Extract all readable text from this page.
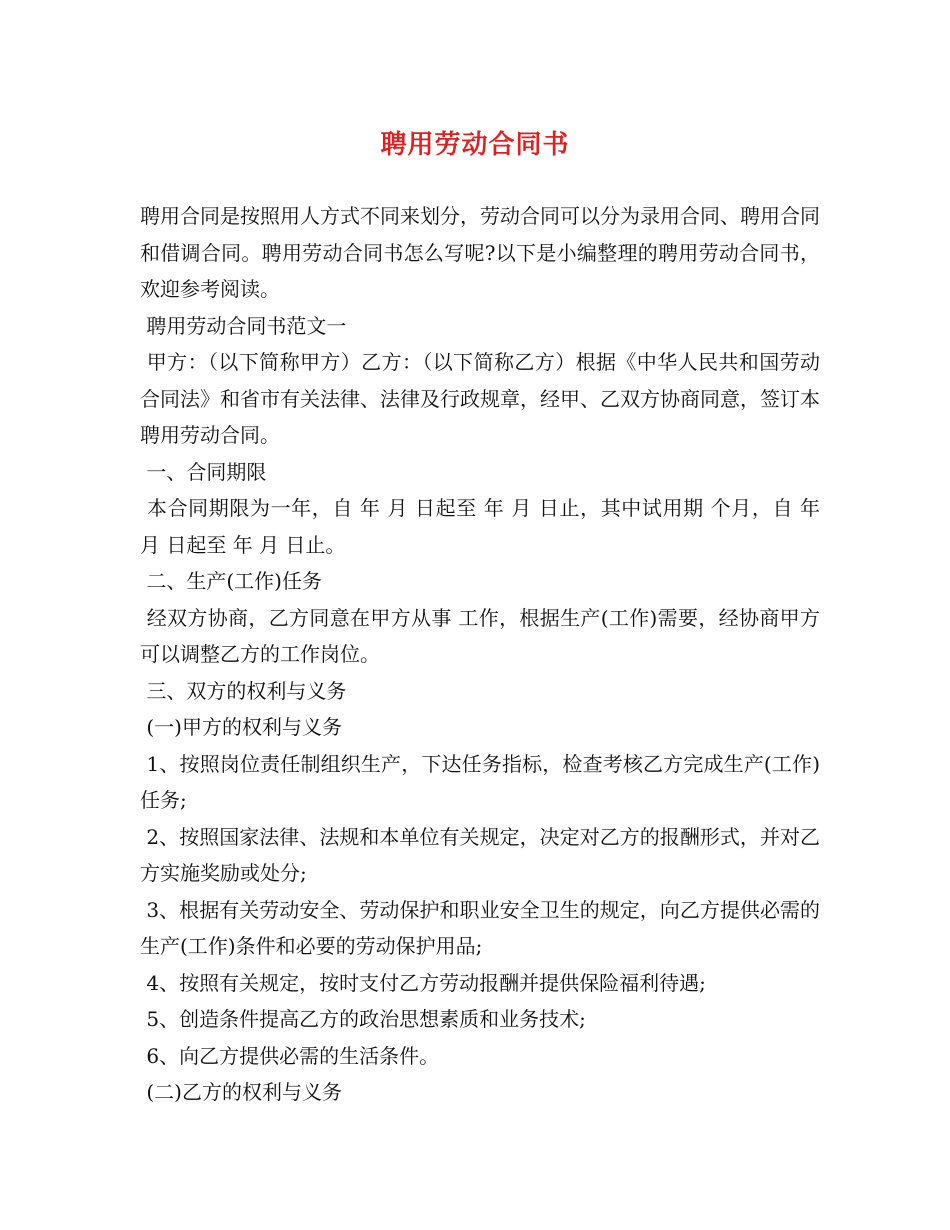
聘用劳动合同书

聘用合同是按照用人方式不同来划分，劳动合同可以分为录用合同、聘用合同和借调合同。聘用劳动合同书怎么写呢?以下是小编整理的聘用劳动合同书，欢迎参考阅读。

聘用劳动合同书范文一

甲方：（以下简称甲方）乙方：（以下简称乙方）根据《中华人民共和国劳动合同法》和省市有关法律、法律及行政规章，经甲、乙双方协商同意，签订本聘用劳动合同。

一、合同期限

本合同期限为一年，自 年 月 日起至 年 月 日止，其中试用期 个月，自 年 月 日起至 年 月 日止。

二、生产(工作)任务

经双方协商，乙方同意在甲方从事 工作，根据生产(工作)需要，经协商甲方可以调整乙方的工作岗位。

三、双方的权利与义务

(一)甲方的权利与义务

1、按照岗位责任制组织生产，下达任务指标，检查考核乙方完成生产(工作)任务;

2、按照国家法律、法规和本单位有关规定，决定对乙方的报酬形式，并对乙方实施奖励或处分;

3、根据有关劳动安全、劳动保护和职业安全卫生的规定，向乙方提供必需的生产(工作)条件和必要的劳动保护用品;

4、按照有关规定，按时支付乙方劳动报酬并提供保险福利待遇;

5、创造条件提高乙方的政治思想素质和业务技术;

6、向乙方提供必需的生活条件。

(二)乙方的权利与义务
